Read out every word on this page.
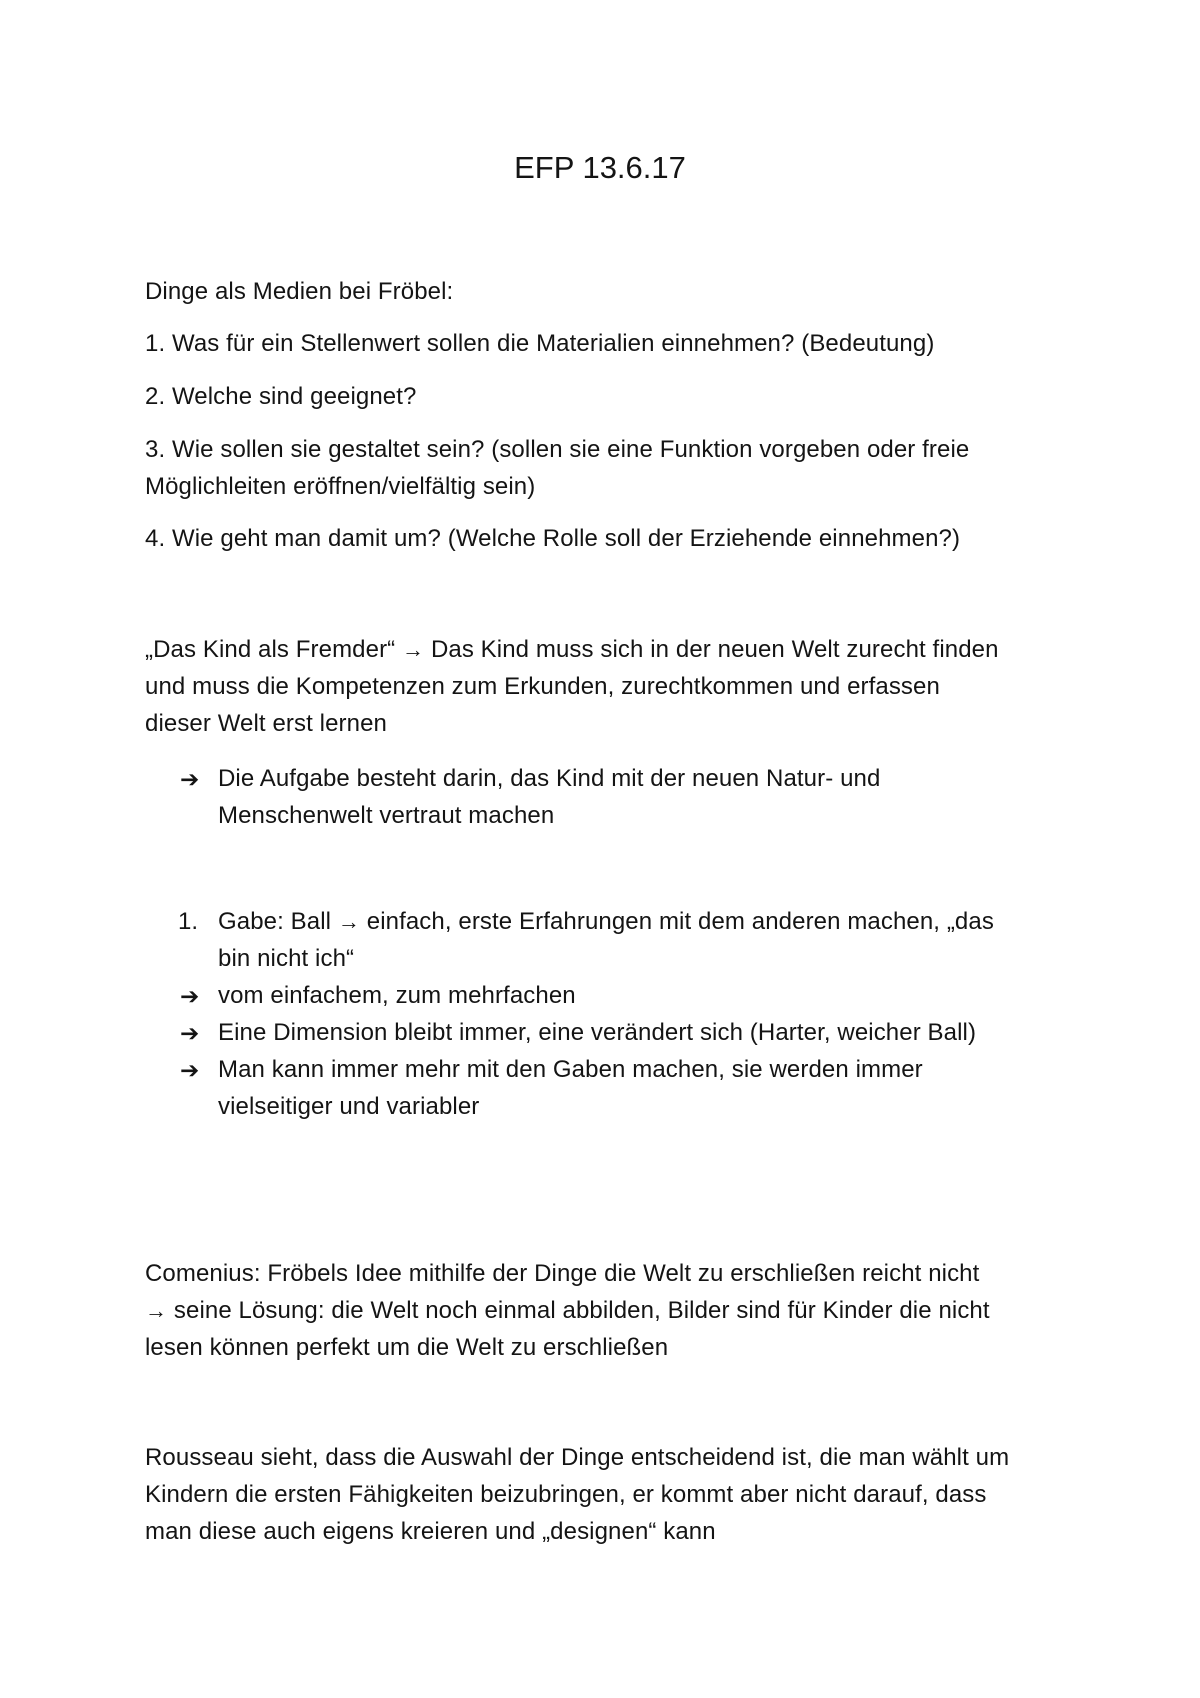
EFP 13.6.17
Dinge als Medien bei Fröbel:
1. Was für ein Stellenwert sollen die Materialien einnehmen? (Bedeutung)
2. Welche sind geeignet?
3. Wie sollen sie gestaltet sein? (sollen sie eine Funktion vorgeben oder freie
Möglichleiten eröffnen/vielfältig sein)
4. Wie geht man damit um? (Welche Rolle soll der Erziehende einnehmen?)
„Das Kind als Fremder“ → Das Kind muss sich in der neuen Welt zurecht finden
und muss die Kompetenzen zum Erkunden, zurechtkommen und erfassen
dieser Welt erst lernen
➔ Die Aufgabe besteht darin, das Kind mit der neuen Natur- und
Menschenwelt vertraut machen
1. Gabe: Ball → einfach, erste Erfahrungen mit dem anderen machen, „das
bin nicht ich“
➔ vom einfachem, zum mehrfachen
➔ Eine Dimension bleibt immer, eine verändert sich (Harter, weicher Ball)
➔ Man kann immer mehr mit den Gaben machen, sie werden immer
vielseitiger und variabler
Comenius: Fröbels Idee mithilfe der Dinge die Welt zu erschließen reicht nicht
→ seine Lösung: die Welt noch einmal abbilden, Bilder sind für Kinder die nicht
lesen können perfekt um die Welt zu erschließen
Rousseau sieht, dass die Auswahl der Dinge entscheidend ist, die man wählt um
Kindern die ersten Fähigkeiten beizubringen, er kommt aber nicht darauf, dass
man diese auch eigens kreieren und „designen“ kann
